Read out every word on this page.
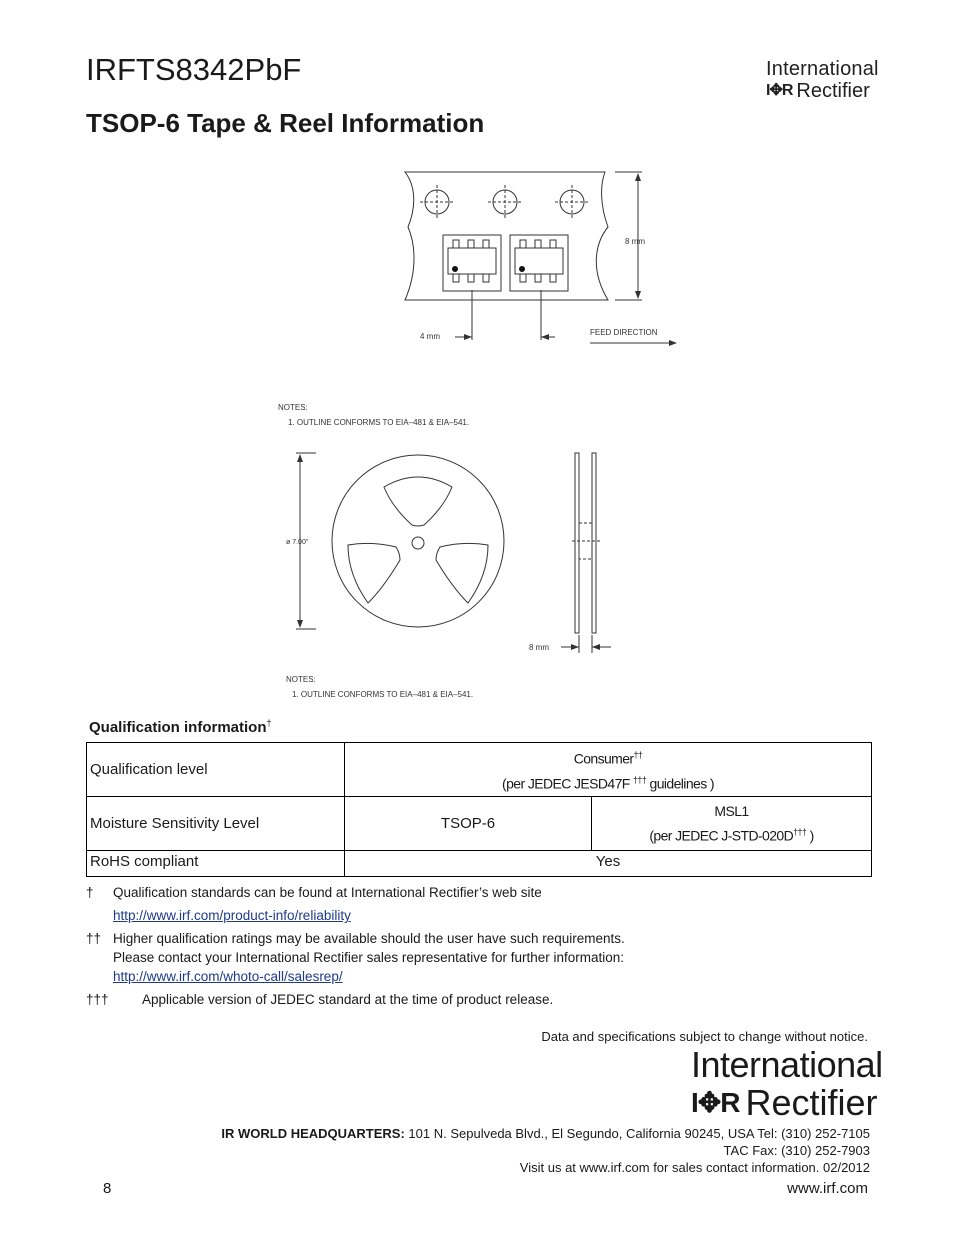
IRFTS8342PbF	International
I✥R Rectifier
TSOP-6 Tape & Reel Information
8 mm
4 mm	FEED DIRECTION
NOTES:
1. OUTLINE CONFORMS TO EIA–481 & EIA–541.
ø 7.00"
8 mm
NOTES:
1. OUTLINE CONFORMS TO EIA–481 & EIA–541.
Qualification information†
Qualification level	Consumer††
(per JEDEC JESD47F ††† guidelines )	

Moisture Sensitivity Level	TSOP-6	MSL1
(per JEDEC J-STD-020D††† )

RoHS compliant	Yes	
† Qualification standards can be found at International Rectifier’s web site
http://www.irf.com/product-info/reliability
†† Higher qualification ratings may be available should the user have such requirements.
Please contact your International Rectifier sales representative for further information:
http://www.irf.com/whoto-call/salesrep/
††† Applicable version of JEDEC standard at the time of product release.
Data and specifications subject to change without notice.
International
I✥R Rectifier
IR WORLD HEADQUARTERS: 101 N. Sepulveda Blvd., El Segundo, California 90245, USA Tel: (310) 252-7105
TAC Fax: (310) 252-7903
Visit us at www.irf.com for sales contact information. 02/2012
8	www.irf.com
